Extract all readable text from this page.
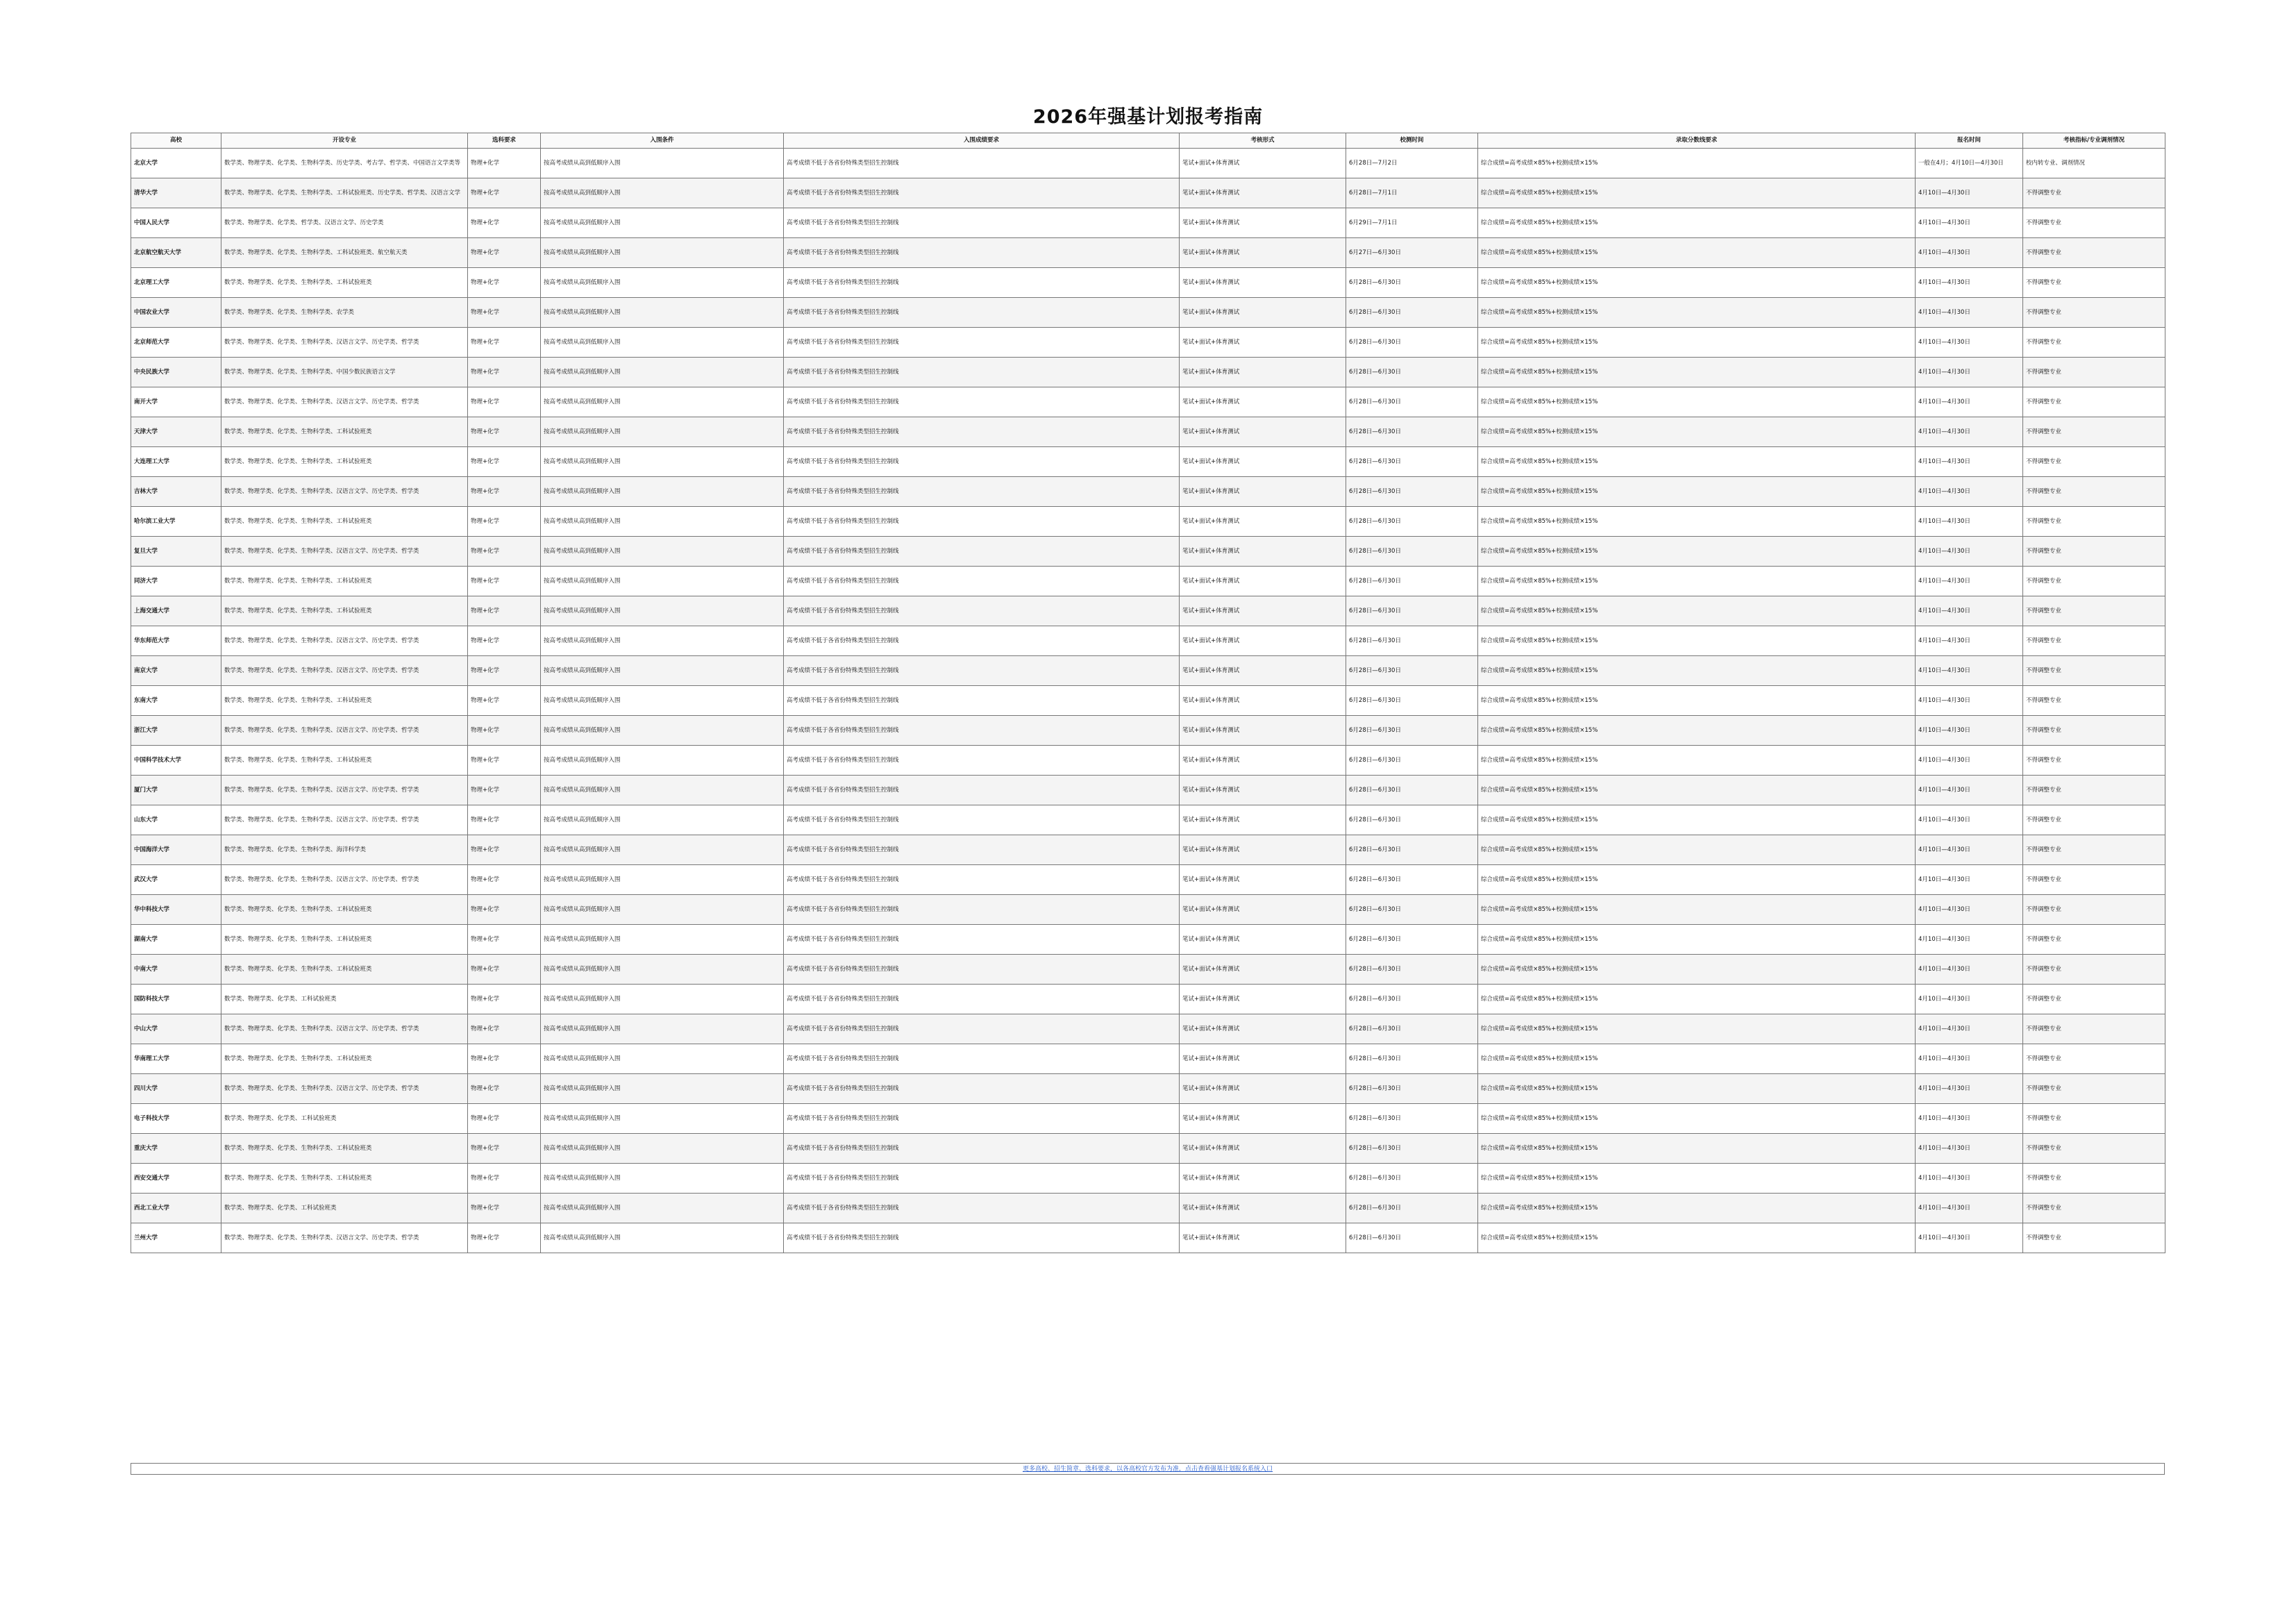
2026年强基计划报考指南
高校	开设专业	选科要求	入围条件	入围成绩要求	考核形式	校测时间	录取分数线要求	报名时间	考核指标/专业调剂情况
北京大学	数学类、物理学类、化学类、生物科学类、历史学类、考古学、哲学类、中国语言文学类等	物理+化学	按高考成绩从高到低顺序入围	高考成绩不低于各省份特殊类型招生控制线	笔试+面试+体育测试	6月28日—7月2日	综合成绩=高考成绩×85%+校测成绩×15%	一般在4月；4月10日—4月30日	校内转专业、调剂情况
清华大学	数学类、物理学类、化学类、生物科学类、工科试验班类、历史学类、哲学类、汉语言文学	物理+化学	按高考成绩从高到低顺序入围	高考成绩不低于各省份特殊类型招生控制线	笔试+面试+体育测试	6月28日—7月1日	综合成绩=高考成绩×85%+校测成绩×15%	4月10日—4月30日	不得调整专业
中国人民大学	数学类、物理学类、化学类、哲学类、汉语言文学、历史学类	物理+化学	按高考成绩从高到低顺序入围	高考成绩不低于各省份特殊类型招生控制线	笔试+面试+体育测试	6月29日—7月1日	综合成绩=高考成绩×85%+校测成绩×15%	4月10日—4月30日	不得调整专业
北京航空航天大学	数学类、物理学类、化学类、生物科学类、工科试验班类、航空航天类	物理+化学	按高考成绩从高到低顺序入围	高考成绩不低于各省份特殊类型招生控制线	笔试+面试+体育测试	6月27日—6月30日	综合成绩=高考成绩×85%+校测成绩×15%	4月10日—4月30日	不得调整专业
北京理工大学	数学类、物理学类、化学类、生物科学类、工科试验班类	物理+化学	按高考成绩从高到低顺序入围	高考成绩不低于各省份特殊类型招生控制线	笔试+面试+体育测试	6月28日—6月30日	综合成绩=高考成绩×85%+校测成绩×15%	4月10日—4月30日	不得调整专业
中国农业大学	数学类、物理学类、化学类、生物科学类、农学类	物理+化学	按高考成绩从高到低顺序入围	高考成绩不低于各省份特殊类型招生控制线	笔试+面试+体育测试	6月28日—6月30日	综合成绩=高考成绩×85%+校测成绩×15%	4月10日—4月30日	不得调整专业
北京师范大学	数学类、物理学类、化学类、生物科学类、汉语言文学、历史学类、哲学类	物理+化学	按高考成绩从高到低顺序入围	高考成绩不低于各省份特殊类型招生控制线	笔试+面试+体育测试	6月28日—6月30日	综合成绩=高考成绩×85%+校测成绩×15%	4月10日—4月30日	不得调整专业
中央民族大学	数学类、物理学类、化学类、生物科学类、中国少数民族语言文学	物理+化学	按高考成绩从高到低顺序入围	高考成绩不低于各省份特殊类型招生控制线	笔试+面试+体育测试	6月28日—6月30日	综合成绩=高考成绩×85%+校测成绩×15%	4月10日—4月30日	不得调整专业
南开大学	数学类、物理学类、化学类、生物科学类、汉语言文学、历史学类、哲学类	物理+化学	按高考成绩从高到低顺序入围	高考成绩不低于各省份特殊类型招生控制线	笔试+面试+体育测试	6月28日—6月30日	综合成绩=高考成绩×85%+校测成绩×15%	4月10日—4月30日	不得调整专业
天津大学	数学类、物理学类、化学类、生物科学类、工科试验班类	物理+化学	按高考成绩从高到低顺序入围	高考成绩不低于各省份特殊类型招生控制线	笔试+面试+体育测试	6月28日—6月30日	综合成绩=高考成绩×85%+校测成绩×15%	4月10日—4月30日	不得调整专业
大连理工大学	数学类、物理学类、化学类、生物科学类、工科试验班类	物理+化学	按高考成绩从高到低顺序入围	高考成绩不低于各省份特殊类型招生控制线	笔试+面试+体育测试	6月28日—6月30日	综合成绩=高考成绩×85%+校测成绩×15%	4月10日—4月30日	不得调整专业
吉林大学	数学类、物理学类、化学类、生物科学类、汉语言文学、历史学类、哲学类	物理+化学	按高考成绩从高到低顺序入围	高考成绩不低于各省份特殊类型招生控制线	笔试+面试+体育测试	6月28日—6月30日	综合成绩=高考成绩×85%+校测成绩×15%	4月10日—4月30日	不得调整专业
哈尔滨工业大学	数学类、物理学类、化学类、生物科学类、工科试验班类	物理+化学	按高考成绩从高到低顺序入围	高考成绩不低于各省份特殊类型招生控制线	笔试+面试+体育测试	6月28日—6月30日	综合成绩=高考成绩×85%+校测成绩×15%	4月10日—4月30日	不得调整专业
复旦大学	数学类、物理学类、化学类、生物科学类、汉语言文学、历史学类、哲学类	物理+化学	按高考成绩从高到低顺序入围	高考成绩不低于各省份特殊类型招生控制线	笔试+面试+体育测试	6月28日—6月30日	综合成绩=高考成绩×85%+校测成绩×15%	4月10日—4月30日	不得调整专业
同济大学	数学类、物理学类、化学类、生物科学类、工科试验班类	物理+化学	按高考成绩从高到低顺序入围	高考成绩不低于各省份特殊类型招生控制线	笔试+面试+体育测试	6月28日—6月30日	综合成绩=高考成绩×85%+校测成绩×15%	4月10日—4月30日	不得调整专业
上海交通大学	数学类、物理学类、化学类、生物科学类、工科试验班类	物理+化学	按高考成绩从高到低顺序入围	高考成绩不低于各省份特殊类型招生控制线	笔试+面试+体育测试	6月28日—6月30日	综合成绩=高考成绩×85%+校测成绩×15%	4月10日—4月30日	不得调整专业
华东师范大学	数学类、物理学类、化学类、生物科学类、汉语言文学、历史学类、哲学类	物理+化学	按高考成绩从高到低顺序入围	高考成绩不低于各省份特殊类型招生控制线	笔试+面试+体育测试	6月28日—6月30日	综合成绩=高考成绩×85%+校测成绩×15%	4月10日—4月30日	不得调整专业
南京大学	数学类、物理学类、化学类、生物科学类、汉语言文学、历史学类、哲学类	物理+化学	按高考成绩从高到低顺序入围	高考成绩不低于各省份特殊类型招生控制线	笔试+面试+体育测试	6月28日—6月30日	综合成绩=高考成绩×85%+校测成绩×15%	4月10日—4月30日	不得调整专业
东南大学	数学类、物理学类、化学类、生物科学类、工科试验班类	物理+化学	按高考成绩从高到低顺序入围	高考成绩不低于各省份特殊类型招生控制线	笔试+面试+体育测试	6月28日—6月30日	综合成绩=高考成绩×85%+校测成绩×15%	4月10日—4月30日	不得调整专业
浙江大学	数学类、物理学类、化学类、生物科学类、汉语言文学、历史学类、哲学类	物理+化学	按高考成绩从高到低顺序入围	高考成绩不低于各省份特殊类型招生控制线	笔试+面试+体育测试	6月28日—6月30日	综合成绩=高考成绩×85%+校测成绩×15%	4月10日—4月30日	不得调整专业
中国科学技术大学	数学类、物理学类、化学类、生物科学类、工科试验班类	物理+化学	按高考成绩从高到低顺序入围	高考成绩不低于各省份特殊类型招生控制线	笔试+面试+体育测试	6月28日—6月30日	综合成绩=高考成绩×85%+校测成绩×15%	4月10日—4月30日	不得调整专业
厦门大学	数学类、物理学类、化学类、生物科学类、汉语言文学、历史学类、哲学类	物理+化学	按高考成绩从高到低顺序入围	高考成绩不低于各省份特殊类型招生控制线	笔试+面试+体育测试	6月28日—6月30日	综合成绩=高考成绩×85%+校测成绩×15%	4月10日—4月30日	不得调整专业
山东大学	数学类、物理学类、化学类、生物科学类、汉语言文学、历史学类、哲学类	物理+化学	按高考成绩从高到低顺序入围	高考成绩不低于各省份特殊类型招生控制线	笔试+面试+体育测试	6月28日—6月30日	综合成绩=高考成绩×85%+校测成绩×15%	4月10日—4月30日	不得调整专业
中国海洋大学	数学类、物理学类、化学类、生物科学类、海洋科学类	物理+化学	按高考成绩从高到低顺序入围	高考成绩不低于各省份特殊类型招生控制线	笔试+面试+体育测试	6月28日—6月30日	综合成绩=高考成绩×85%+校测成绩×15%	4月10日—4月30日	不得调整专业
武汉大学	数学类、物理学类、化学类、生物科学类、汉语言文学、历史学类、哲学类	物理+化学	按高考成绩从高到低顺序入围	高考成绩不低于各省份特殊类型招生控制线	笔试+面试+体育测试	6月28日—6月30日	综合成绩=高考成绩×85%+校测成绩×15%	4月10日—4月30日	不得调整专业
华中科技大学	数学类、物理学类、化学类、生物科学类、工科试验班类	物理+化学	按高考成绩从高到低顺序入围	高考成绩不低于各省份特殊类型招生控制线	笔试+面试+体育测试	6月28日—6月30日	综合成绩=高考成绩×85%+校测成绩×15%	4月10日—4月30日	不得调整专业
湖南大学	数学类、物理学类、化学类、生物科学类、工科试验班类	物理+化学	按高考成绩从高到低顺序入围	高考成绩不低于各省份特殊类型招生控制线	笔试+面试+体育测试	6月28日—6月30日	综合成绩=高考成绩×85%+校测成绩×15%	4月10日—4月30日	不得调整专业
中南大学	数学类、物理学类、化学类、生物科学类、工科试验班类	物理+化学	按高考成绩从高到低顺序入围	高考成绩不低于各省份特殊类型招生控制线	笔试+面试+体育测试	6月28日—6月30日	综合成绩=高考成绩×85%+校测成绩×15%	4月10日—4月30日	不得调整专业
国防科技大学	数学类、物理学类、化学类、工科试验班类	物理+化学	按高考成绩从高到低顺序入围	高考成绩不低于各省份特殊类型招生控制线	笔试+面试+体育测试	6月28日—6月30日	综合成绩=高考成绩×85%+校测成绩×15%	4月10日—4月30日	不得调整专业
中山大学	数学类、物理学类、化学类、生物科学类、汉语言文学、历史学类、哲学类	物理+化学	按高考成绩从高到低顺序入围	高考成绩不低于各省份特殊类型招生控制线	笔试+面试+体育测试	6月28日—6月30日	综合成绩=高考成绩×85%+校测成绩×15%	4月10日—4月30日	不得调整专业
华南理工大学	数学类、物理学类、化学类、生物科学类、工科试验班类	物理+化学	按高考成绩从高到低顺序入围	高考成绩不低于各省份特殊类型招生控制线	笔试+面试+体育测试	6月28日—6月30日	综合成绩=高考成绩×85%+校测成绩×15%	4月10日—4月30日	不得调整专业
四川大学	数学类、物理学类、化学类、生物科学类、汉语言文学、历史学类、哲学类	物理+化学	按高考成绩从高到低顺序入围	高考成绩不低于各省份特殊类型招生控制线	笔试+面试+体育测试	6月28日—6月30日	综合成绩=高考成绩×85%+校测成绩×15%	4月10日—4月30日	不得调整专业
电子科技大学	数学类、物理学类、化学类、工科试验班类	物理+化学	按高考成绩从高到低顺序入围	高考成绩不低于各省份特殊类型招生控制线	笔试+面试+体育测试	6月28日—6月30日	综合成绩=高考成绩×85%+校测成绩×15%	4月10日—4月30日	不得调整专业
重庆大学	数学类、物理学类、化学类、生物科学类、工科试验班类	物理+化学	按高考成绩从高到低顺序入围	高考成绩不低于各省份特殊类型招生控制线	笔试+面试+体育测试	6月28日—6月30日	综合成绩=高考成绩×85%+校测成绩×15%	4月10日—4月30日	不得调整专业
西安交通大学	数学类、物理学类、化学类、生物科学类、工科试验班类	物理+化学	按高考成绩从高到低顺序入围	高考成绩不低于各省份特殊类型招生控制线	笔试+面试+体育测试	6月28日—6月30日	综合成绩=高考成绩×85%+校测成绩×15%	4月10日—4月30日	不得调整专业
西北工业大学	数学类、物理学类、化学类、工科试验班类	物理+化学	按高考成绩从高到低顺序入围	高考成绩不低于各省份特殊类型招生控制线	笔试+面试+体育测试	6月28日—6月30日	综合成绩=高考成绩×85%+校测成绩×15%	4月10日—4月30日	不得调整专业
兰州大学	数学类、物理学类、化学类、生物科学类、汉语言文学、历史学类、哲学类	物理+化学	按高考成绩从高到低顺序入围	高考成绩不低于各省份特殊类型招生控制线	笔试+面试+体育测试	6月28日—6月30日	综合成绩=高考成绩×85%+校测成绩×15%	4月10日—4月30日	不得调整专业
更多高校、招生简章、选科要求，以各高校官方发布为准，点击查看强基计划报名系统入口
